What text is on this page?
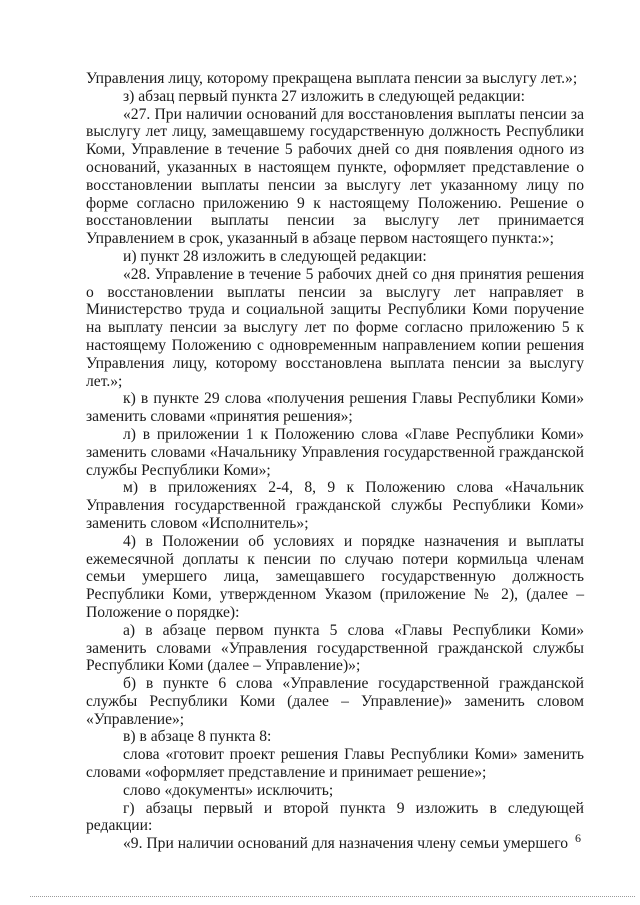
Управления лицу, которому прекращена выплата пенсии за выслугу лет.»;

з) абзац первый пункта 27 изложить в следующей редакции:

«27. При наличии оснований для восстановления выплаты пенсии за выслугу лет лицу, замещавшему государственную должность Республики Коми, Управление в течение 5 рабочих дней со дня появления одного из оснований, указанных в настоящем пункте, оформляет представление о восстановлении выплаты пенсии за выслугу лет указанному лицу по форме согласно приложению 9 к настоящему Положению. Решение о восстановлении выплаты пенсии за выслугу лет принимается Управлением в срок, указанный в абзаце первом настоящего пункта:»;

и) пункт 28 изложить в следующей редакции:

«28. Управление в течение 5 рабочих дней со дня принятия решения о восстановлении выплаты пенсии за выслугу лет направляет в Министерство труда и социальной защиты Республики Коми поручение на выплату пенсии за выслугу лет по форме согласно приложению 5 к настоящему Положению с одновременным направлением копии решения Управления лицу, которому восстановлена выплата пенсии за выслугу лет.»;

к) в пункте 29 слова «получения решения Главы Республики Коми» заменить словами «принятия решения»;

л) в приложении 1 к Положению слова «Главе Республики Коми» заменить словами «Начальнику Управления государственной гражданской службы Республики Коми»;

м) в приложениях 2-4, 8, 9 к Положению слова «Начальник Управления государственной гражданской службы Республики Коми» заменить словом «Исполнитель»;

4) в Положении об условиях и порядке назначения и выплаты ежемесячной доплаты к пенсии по случаю потери кормильца членам семьи умершего лица, замещавшего государственную должность Республики Коми, утвержденном Указом (приложение № 2), (далее – Положение о порядке):

а) в абзаце первом пункта 5 слова «Главы Республики Коми» заменить словами «Управления государственной гражданской службы Республики Коми (далее – Управление)»;

б) в пункте 6 слова «Управление государственной гражданской службы Республики Коми (далее – Управление)» заменить словом «Управление»;

в) в абзаце 8 пункта 8:

слова «готовит проект решения Главы Республики Коми» заменить словами «оформляет представление и принимает решение»;

слово «документы» исключить;

г) абзацы первый и второй пункта 9 изложить в следующей редакции:

«9. При наличии оснований для назначения члену семьи умершего 6
